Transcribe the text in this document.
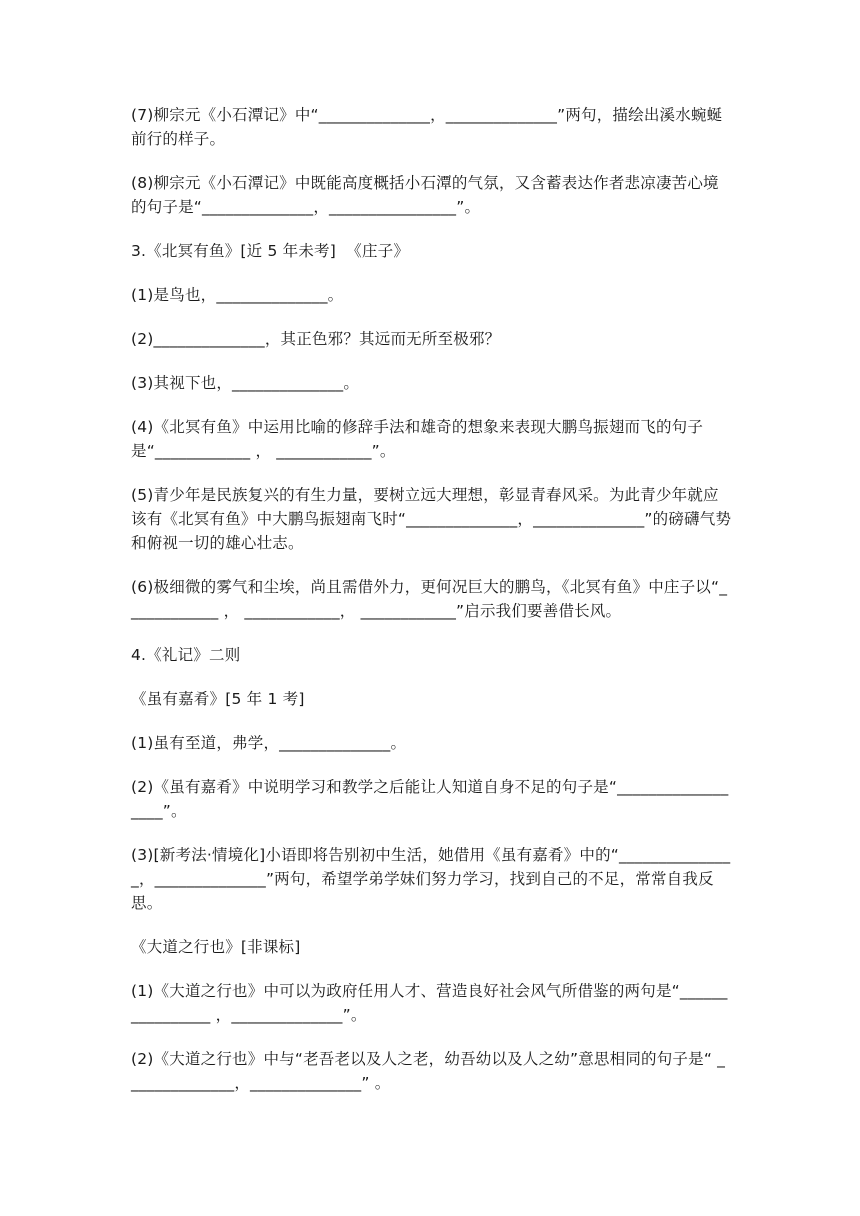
(7)柳宗元《小石潭记》中“______________，______________”两句，描绘出溪水蜿蜒前行的样子。

(8)柳宗元《小石潭记》中既能高度概括小石潭的气氛，又含蓄表达作者悲凉凄苦心境的句子是“______________，________________”。

3.《北冥有鱼》[近 5 年未考]  《庄子》

(1)是鸟也，______________。

(2)______________，其正色邪？其远而无所至极邪？

(3)其视下也，______________。

(4)《北冥有鱼》中运用比喻的修辞手法和雄奇的想象来表现大鹏鸟振翅而飞的句子是“____________ ， ____________”。

(5)青少年是民族复兴的有生力量，要树立远大理想，彰显青春风采。为此青少年就应该有《北冥有鱼》中大鹏鸟振翅南飞时“______________，______________”的磅礴气势和俯视一切的雄心壮志。

(6)极细微的雾气和尘埃，尚且需借外力，更何况巨大的鹏鸟，《北冥有鱼》中庄子以“____________ ， ____________， ____________”启示我们要善借长风。

4.《礼记》二则

《虽有嘉肴》[5 年 1 考]

(1)虽有至道，弗学，______________。

(2)《虽有嘉肴》中说明学习和教学之后能让人知道自身不足的句子是“__________________”。

(3)[新考法·情境化]小语即将告别初中生活，她借用《虽有嘉肴》中的“_______________，______________”两句，希望学弟学妹们努力学习，找到自己的不足，常常自我反思。

《大道之行也》[非课标]

(1)《大道之行也》中可以为政府任用人才、营造良好社会风气所借鉴的两句是“________________ ，______________”。

(2)《大道之行也》中与“老吾老以及人之老，幼吾幼以及人之幼”意思相同的句子是“ ______________，______________” 。
